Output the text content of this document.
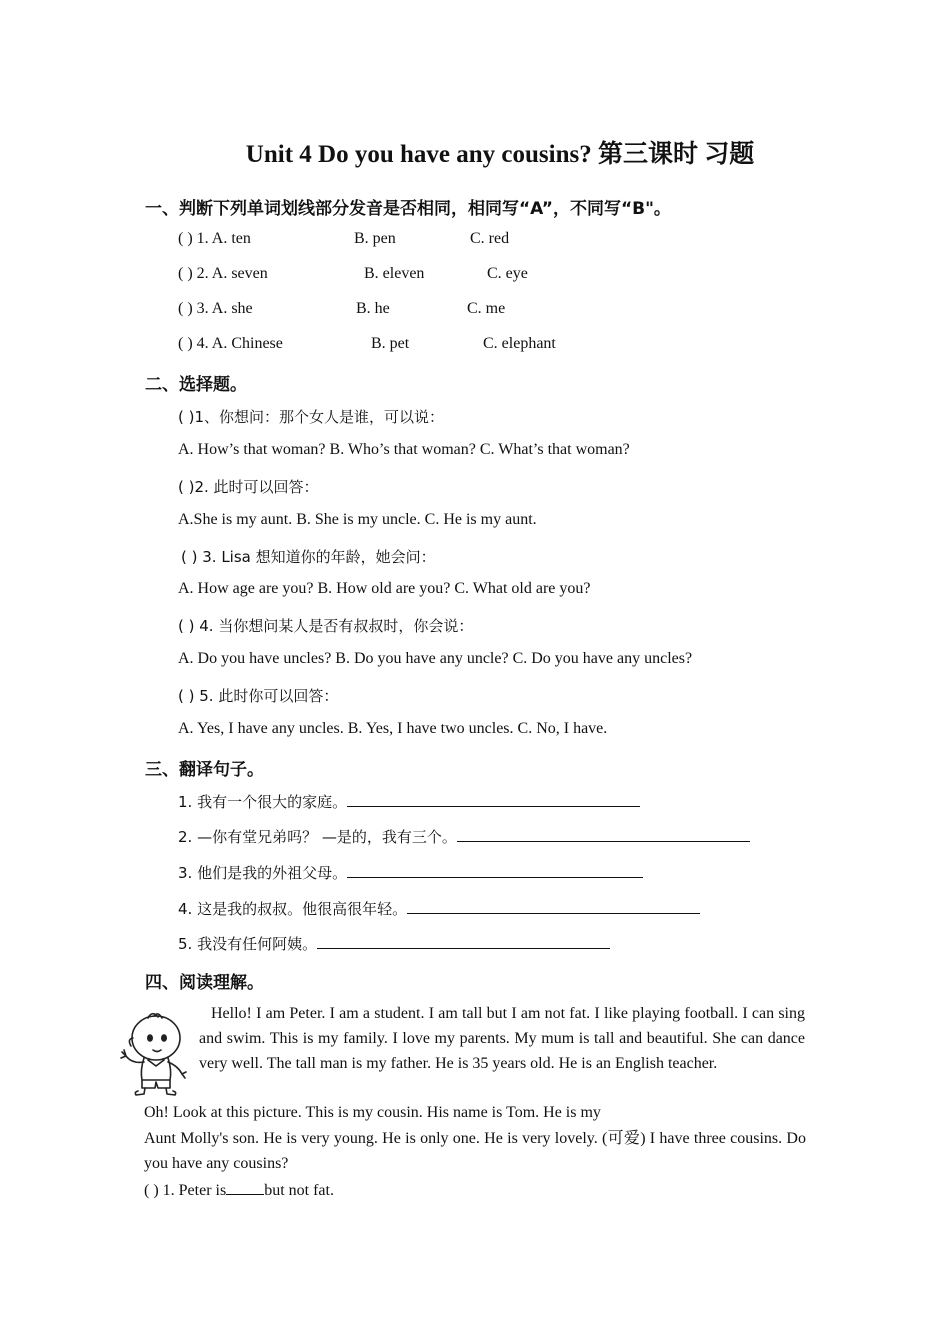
Unit 4 Do you have any cousins? 第三课时 习题
一、判断下列单词划线部分发音是否相同，相同写“A”，不同写“B"。
( ) 1. A. ten	B. pen	C. red
( ) 2. A. seven	B. eleven	C. eye
( ) 3. A. she	B. he	C. me
( ) 4. A. Chinese	B. pet	C. elephant
二、选择题。
( )1、你想问：那个女人是谁，可以说：
A. How’s that woman? B. Who’s that woman? C. What’s that woman?
( )2. 此时可以回答：
A.She is my aunt. B. She is my uncle. C. He is my aunt.
( ) 3. Lisa 想知道你的年龄，她会问：
A. How age are you? B. How old are you? C. What old are you?
( ) 4. 当你想问某人是否有叔叔时，你会说：
A. Do you have uncles? B. Do you have any uncle? C. Do you have any uncles?
( ) 5. 此时你可以回答：
A. Yes, I have any uncles. B. Yes, I have two uncles. C. No, I have.
三、翻译句子。
1. 我有一个很大的家庭。
2. —你有堂兄弟吗？ —是的，我有三个。
3. 他们是我的外祖父母。
4. 这是我的叔叔。他很高很年轻。
5. 我没有任何阿姨。
四、阅读理解。
Hello! I am Peter. I am a student. I am tall but I am not fat. I like playing football. I can sing and swim. This is my family. I love my parents. My mum is tall and beautiful. She can dance very well. The tall man is my father. He is 35 years old. He is an English teacher.
Oh! Look at this picture. This is my cousin. His name is Tom. He is my
Aunt Molly's son. He is very young. He is only one. He is very lovely. (可爱) I have three cousins. Do you have any cousins?
( ) 1. Peter is but not fat.
